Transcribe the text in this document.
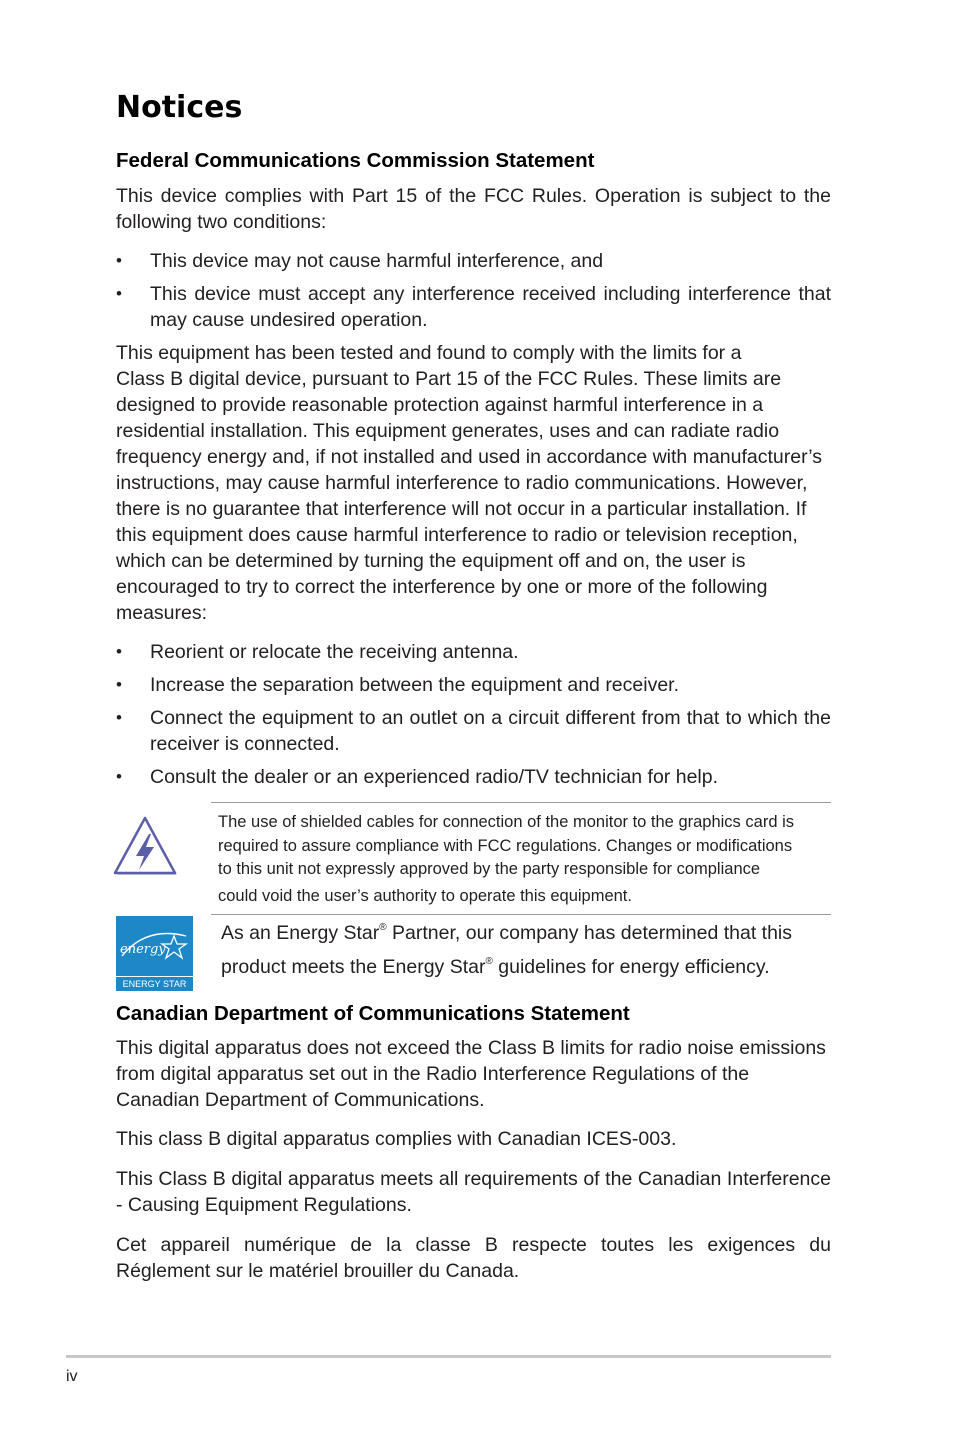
Notices
Federal Communications Commission Statement

This device complies with Part 15 of the FCC Rules. Operation is subject to the following two conditions:

• This device may not cause harmful interference, and
• This device must accept any interference received including interference that may cause undesired operation.
This equipment has been tested and found to comply with the limits for a
Class B digital device, pursuant to Part 15 of the FCC Rules. These limits are
designed to provide reasonable protection against harmful interference in a
residential installation. This equipment generates, uses and can radiate radio
frequency energy and, if not installed and used in accordance with manufacturer’s
instructions, may cause harmful interference to radio communications. However,
there is no guarantee that interference will not occur in a particular installation. If
this equipment does cause harmful interference to radio or television reception,
which can be determined by turning the equipment off and on, the user is
encouraged to try to correct the interference by one or more of the following
measures:
• Reorient or relocate the receiving antenna.
• Increase the separation between the equipment and receiver.
• Connect the equipment to an outlet on a circuit different from that to which the receiver is connected.
• Consult the dealer or an experienced radio/TV technician for help.
The use of shielded cables for connection of the monitor to the graphics card is
required to assure compliance with FCC regulations. Changes or modifications
to this unit not expressly approved by the party responsible for compliance
could void the user’s authority to operate this equipment.
energy
ENERGY STAR
As an Energy Star® Partner, our company has determined that this
product meets the Energy Star® guidelines for energy efficiency.
Canadian Department of Communications Statement
This digital apparatus does not exceed the Class B limits for radio noise emissions
from digital apparatus set out in the Radio Interference Regulations of the
Canadian Department of Communications.

This class B digital apparatus complies with Canadian ICES-003.

This Class B digital apparatus meets all requirements of the Canadian Interference - Causing Equipment Regulations.

Cet appareil numérique de la classe B respecte toutes les exigences du Réglement sur le matériel brouiller du Canada.

iv
